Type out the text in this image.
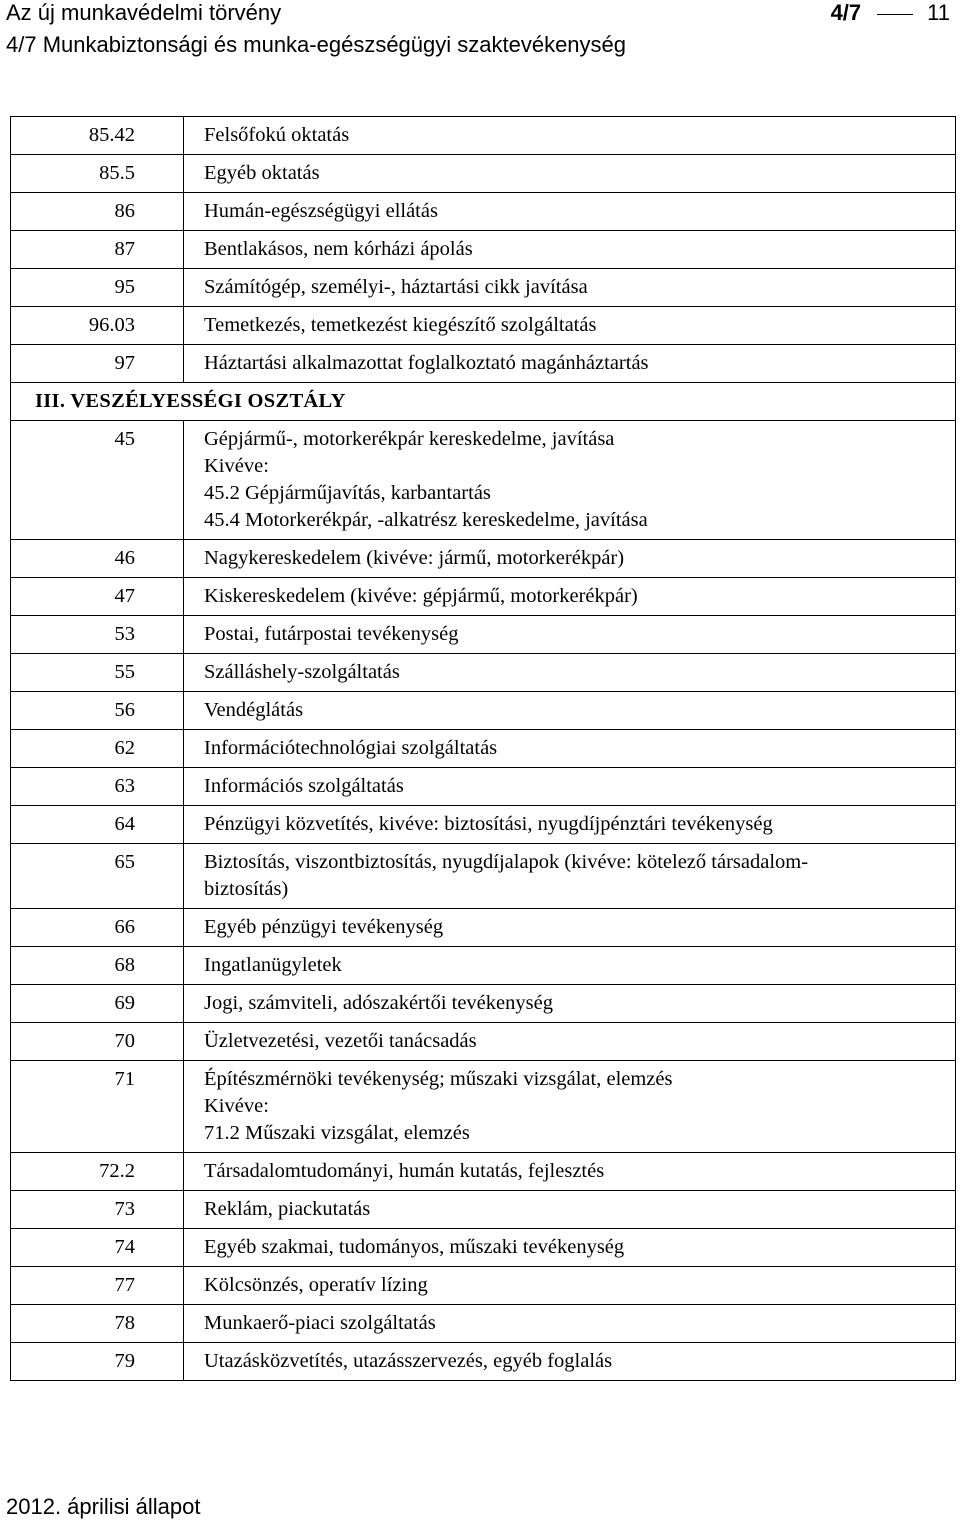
Az új munkavédelmi törvény	4/7	11
4/7 Munkabiztonsági és munka-egészségügyi szaktevékenység
85.42	Felsőfokú oktatás

85.5	Egyéb oktatás

86	Humán-egészségügyi ellátás

87	Bentlakásos, nem kórházi ápolás

95	Számítógép, személyi-, háztartási cikk javítása

96.03	Temetkezés, temetkezést kiegészítő szolgáltatás

97	Háztartási alkalmazottat foglalkoztató magánháztartás

III. VESZÉLYESSÉGI OSZTÁLY	
45	Gépjármű-, motorkerékpár kereskedelme, javítása
Kivéve:
45.2 Gépjárműjavítás, karbantartás
45.4 Motorkerékpár, -alkatrész kereskedelme, javítása

46	Nagykereskedelem (kivéve: jármű, motorkerékpár)

47	Kiskereskedelem (kivéve: gépjármű, motorkerékpár)

53	Postai, futárpostai tevékenység

55	Szálláshely-szolgáltatás

56	Vendéglátás

62	Információtechnológiai szolgáltatás

63	Információs szolgáltatás

64	Pénzügyi közvetítés, kivéve: biztosítási, nyugdíjpénztári tevékenység

65	Biztosítás, viszontbiztosítás, nyugdíjalapok (kivéve: kötelező társadalom-
biztosítás)

66	Egyéb pénzügyi tevékenység

68	Ingatlanügyletek

69	Jogi, számviteli, adószakértői tevékenység

70	Üzletvezetési, vezetői tanácsadás

71	Építészmérnöki tevékenység; műszaki vizsgálat, elemzés
Kivéve:
71.2 Műszaki vizsgálat, elemzés

72.2	Társadalomtudományi, humán kutatás, fejlesztés

73	Reklám, piackutatás

74	Egyéb szakmai, tudományos, műszaki tevékenység

77	Kölcsönzés, operatív lízing

78	Munkaerő-piaci szolgáltatás

79	Utazásközvetítés, utazásszervezés, egyéb foglalás
2012. áprilisi állapot
